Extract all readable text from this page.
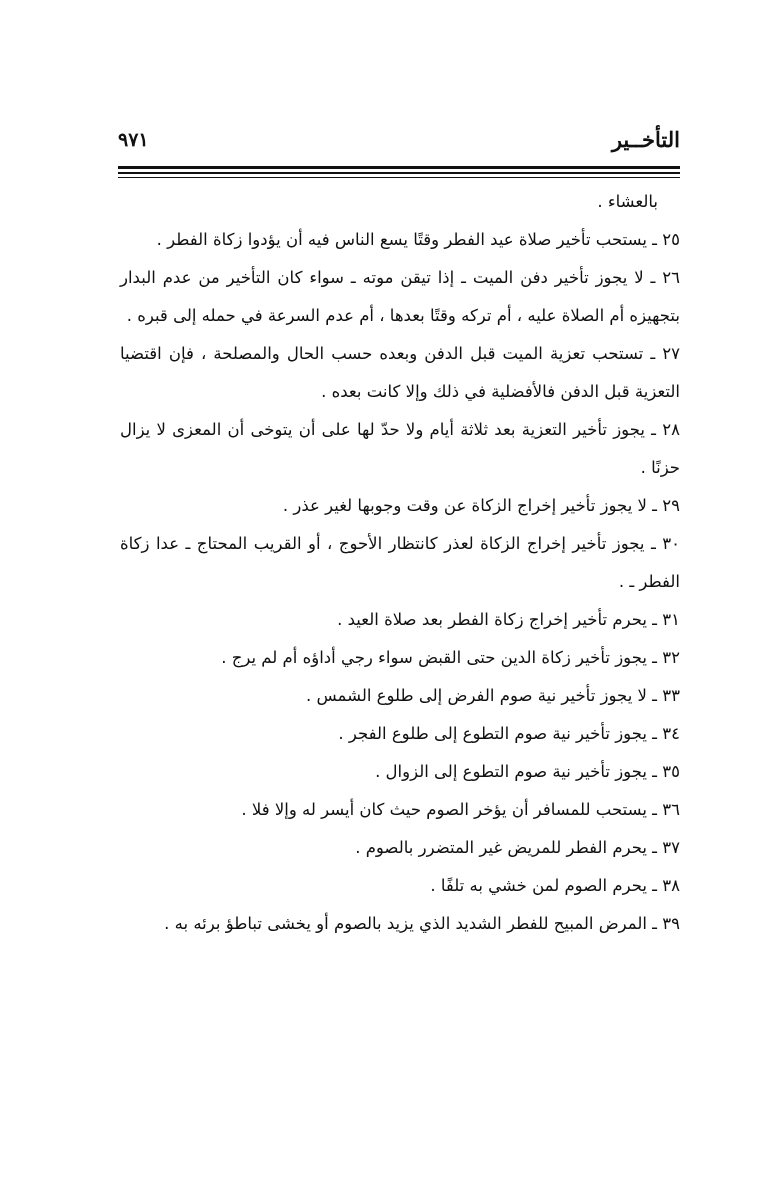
التأخــير
٩٧١

بالعشاء .

٢٥ ـ يستحب تأخير صلاة عيد الفطر وقتًا يسع الناس فيه أن يؤدوا زكاة الفطر .

٢٦ ـ لا يجوز تأخير دفن الميت ـ إذا تيقن موته ـ سواء كان التأخير من عدم البدار بتجهيزه أم الصلاة عليه ، أم تركه وقتًا بعدها ، أم عدم السرعة في حمله إلى قبره .

٢٧ ـ تستحب تعزية الميت قبل الدفن وبعده حسب الحال والمصلحة ، فإن اقتضيا التعزية قبل الدفن فالأفضلية في ذلك وإلا كانت بعده .

٢٨ ـ يجوز تأخير التعزية بعد ثلاثة أيام ولا حدّ لها على أن يتوخى أن المعزى لا يزال حزنًا .

٢٩ ـ لا يجوز تأخير إخراج الزكاة عن وقت وجوبها لغير عذر .

٣٠ ـ يجوز تأخير إخراج الزكاة لعذر كانتظار الأحوج ، أو القريب المحتاج ـ عدا زكاة الفطر ـ .

٣١ ـ يحرم تأخير إخراج زكاة الفطر بعد صلاة العيد .

٣٢ ـ يجوز تأخير زكاة الدين حتى القبض سواء رجي أداؤه أم لم يرج .

٣٣ ـ لا يجوز تأخير نية صوم الفرض إلى طلوع الشمس .

٣٤ ـ يجوز تأخير نية صوم التطوع إلى طلوع الفجر .

٣٥ ـ يجوز تأخير نية صوم التطوع إلى الزوال .

٣٦ ـ يستحب للمسافر أن يؤخر الصوم حيث كان أيسر له وإلا فلا .

٣٧ ـ يحرم الفطر للمريض غير المتضرر بالصوم .

٣٨ ـ يحرم الصوم لمن خشي به تلفًا .

٣٩ ـ المرض المبيح للفطر الشديد الذي يزيد بالصوم أو يخشى تباطؤ برئه به .
